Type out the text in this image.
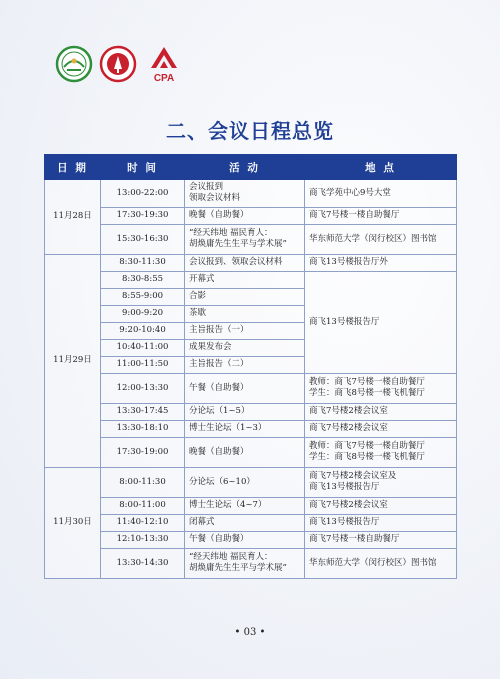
CPA
二、会议日程总览
日 期	时 间	活 动	地 点
11月28日	13:00-22:00	会议报到
领取会议材料	商飞学苑中心9号大堂
	17:30-19:30	晚餐（自助餐）	商飞7号楼一楼自助餐厅
	15:30-16:30	“经天纬地 福民育人：
胡焕庸先生生平与学术展”	华东师范大学（闵行校区）图书馆
11月29日	8:30-11:30	会议报到、领取会议材料	商飞13号楼报告厅外
	8:30-8:55	开幕式	商飞13号楼报告厅
	8:55-9:00	合影	
	9:00-9:20	茶歇	
	9:20-10:40	主旨报告（一）	
	10:40-11:00	成果发布会	
	11:00-11:50	主旨报告（二）	
	12:00-13:30	午餐（自助餐）	教师：商飞7号楼一楼自助餐厅
学生：商飞8号楼一楼飞机餐厅

	13:30-17:45	分论坛（1~5）	商飞7号楼2楼会议室
	13:30-18:10	博士生论坛（1~3）	商飞7号楼2楼会议室
	17:30-19:00	晚餐（自助餐）	教师：商飞7号楼一楼自助餐厅
学生：商飞8号楼一楼飞机餐厅

11月30日	8:00-11:30	分论坛（6~10）	商飞7号楼2楼会议室及
商飞13号楼报告厅

	8:00-11:00	博士生论坛（4~7）	商飞7号楼2楼会议室
	11:40-12:10	闭幕式	商飞13号楼报告厅
	12:10-13:30	午餐（自助餐）	商飞7号楼一楼自助餐厅
	13:30-14:30	“经天纬地 福民育人：
胡焕庸先生生平与学术展”	华东师范大学（闵行校区）图书馆
• 03 •
